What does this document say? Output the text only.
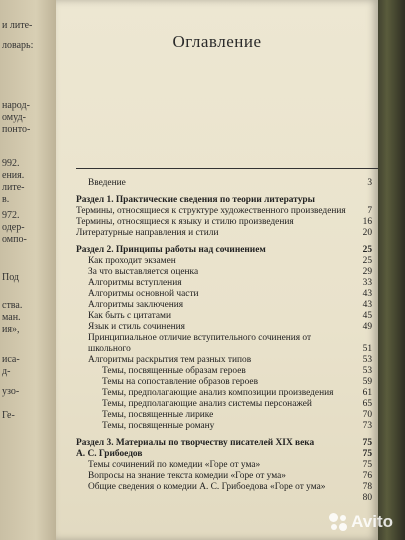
и лите-
ловарь:
народ-
омуд-
понто-
992.
ения.
лите-
в.
972.
одер-
омпо-
Под
ства.
ман.
ия»,
иса-
д-
узо-
Ге-
Оглавление
Введение	3
Раздел 1. Практические сведения по теории литературы
Термины, относящиеся к структуре художественного произведения	7
Термины, относящиеся к языку и стилю произведения	16
Литературные направления и стили	20
Раздел 2. Принципы работы над сочинением	25
Как проходит экзамен	25
За что выставляется оценка	29
Алгоритмы вступления	33
Алгоритмы основной части	43
Алгоритмы заключения	43
Как быть с цитатами	45
Язык и стиль сочинения	49
Принципиальное отличие вступительного сочинения от школьного	51
Алгоритмы раскрытия тем разных типов	53
Темы, посвященные образам героев	53
Темы на сопоставление образов героев	59
Темы, предполагающие анализ композиции произведения	61
Темы, предполагающие анализ системы персонажей	65
Темы, посвященные лирике	70
Темы, посвященные роману	73
Раздел 3. Материалы по творчеству писателей XIX века	75
А. С. Грибоедов	75
Темы сочинений по комедии «Горе от ума»	75
Вопросы на знание текста комедии «Горе от ума»	76
Общие сведения о комедии А. С. Грибоедова «Горе от ума»	78
80
Avito
